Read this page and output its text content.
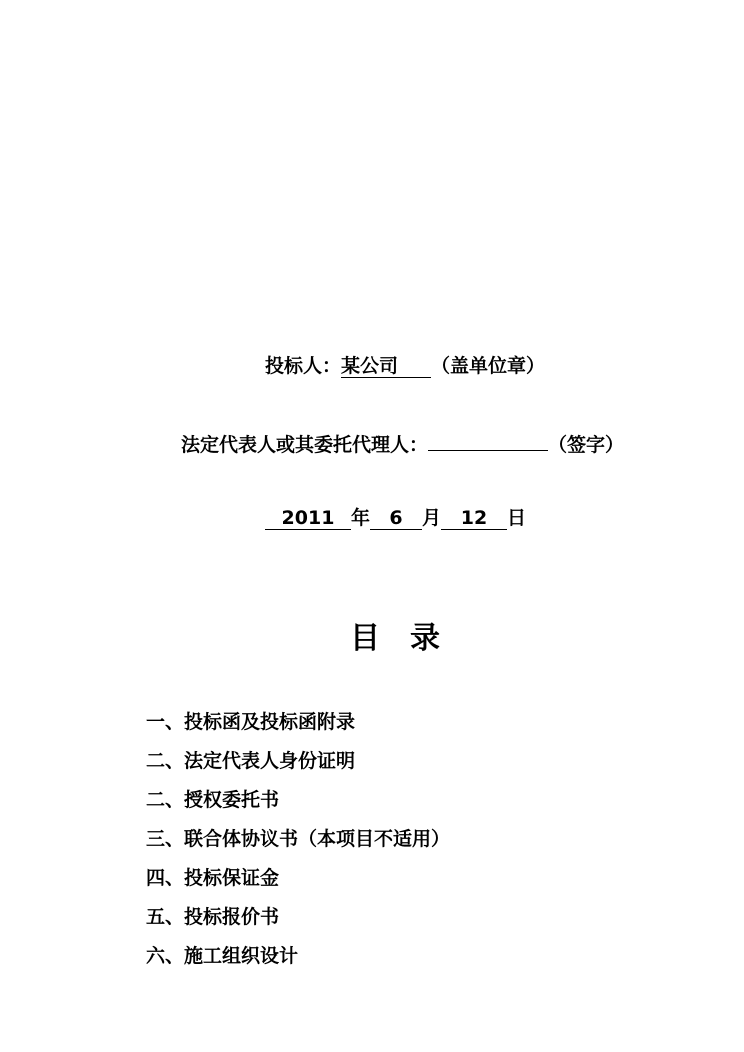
投标人：某公司 （盖单位章）
法定代表人或其委托代理人：	（签字）
2011 年 6 月 12 日
目录
一、投标函及投标函附录
二、法定代表人身份证明
二、授权委托书
三、联合体协议书（本项目不适用）
四、投标保证金
五、投标报价书
六、施工组织设计
